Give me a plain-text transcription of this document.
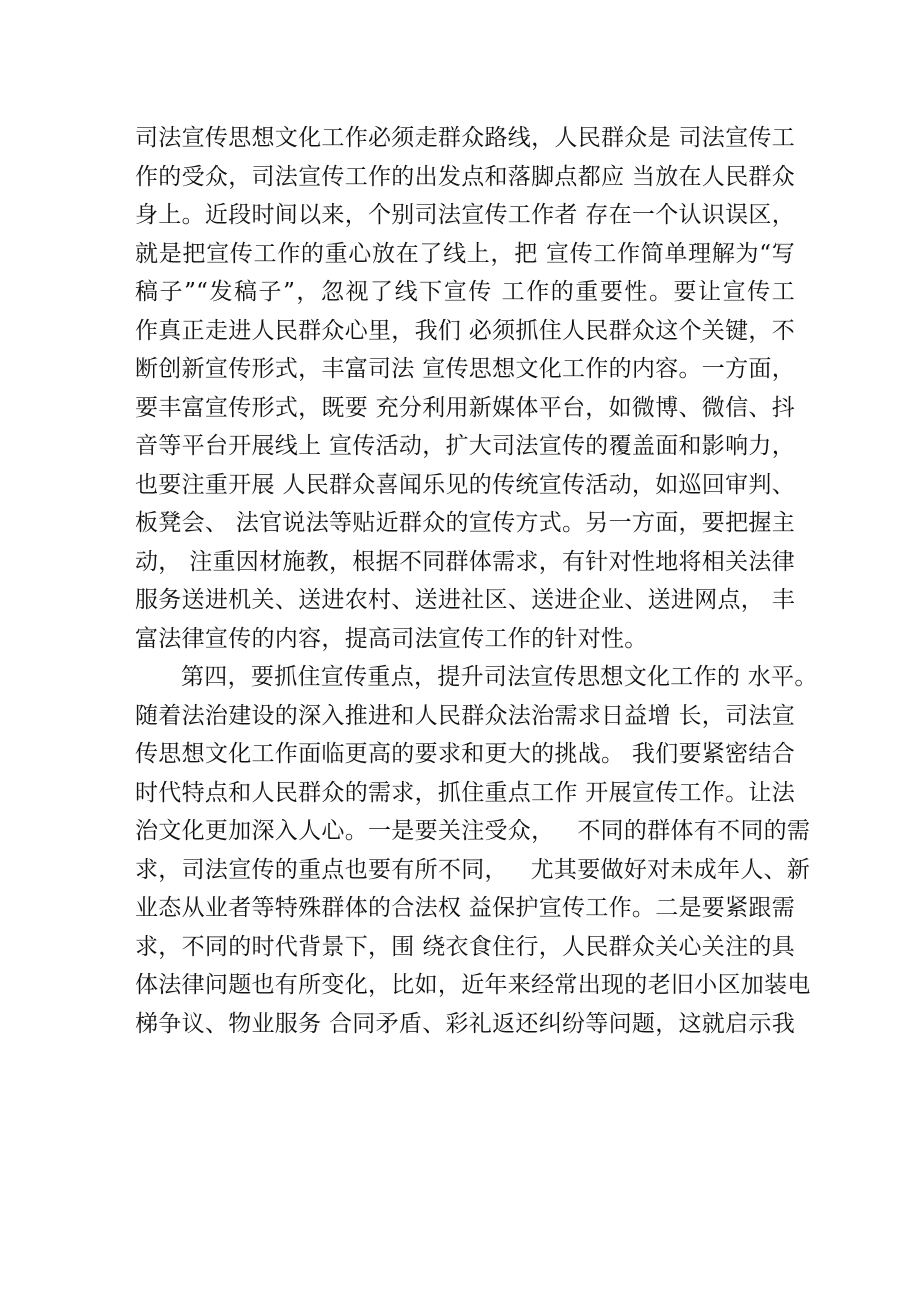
司法宣传思想文化工作必须走群众路线，人民群众是 司法宣传工
作的受众，司法宣传工作的出发点和落脚点都应 当放在人民群众
身上。近段时间以来，个别司法宣传工作者 存在一个认识误区，
就是把宣传工作的重心放在了线上，把 宣传工作简单理解为“写
稿子”“发稿子”，忽视了线下宣传 工作的重要性。要让宣传工
作真正走进人民群众心里，我们 必须抓住人民群众这个关键，不
断创新宣传形式，丰富司法 宣传思想文化工作的内容。一方面，
要丰富宣传形式，既要 充分利用新媒体平台，如微博、微信、抖
音等平台开展线上 宣传活动，扩大司法宣传的覆盖面和影响力，
也要注重开展 人民群众喜闻乐见的传统宣传活动，如巡回审判、
板凳会、 法官说法等贴近群众的宣传方式。另一方面，要把握主
动， 注重因材施教，根据不同群体需求，有针对性地将相关法律
服务送进机关、送进农村、送进社区、送进企业、送进网点， 丰
富法律宣传的内容，提高司法宣传工作的针对性。
第四，要抓住宣传重点，提升司法宣传思想文化工作的 水平。
随着法治建设的深入推进和人民群众法治需求日益增 长，司法宣
传思想文化工作面临更高的要求和更大的挑战。 我们要紧密结合
时代特点和人民群众的需求，抓住重点工作 开展宣传工作。让法
治文化更加深入人心。一是要关注受众，   不同的群体有不同的需
求，司法宣传的重点也要有所不同，   尤其要做好对未成年人、新
业态从业者等特殊群体的合法权 益保护宣传工作。二是要紧跟需
求，不同的时代背景下，围 绕衣食住行，人民群众关心关注的具
体法律问题也有所变化，比如，近年来经常出现的老旧小区加装电
梯争议、物业服务 合同矛盾、彩礼返还纠纷等问题，这就启示我
